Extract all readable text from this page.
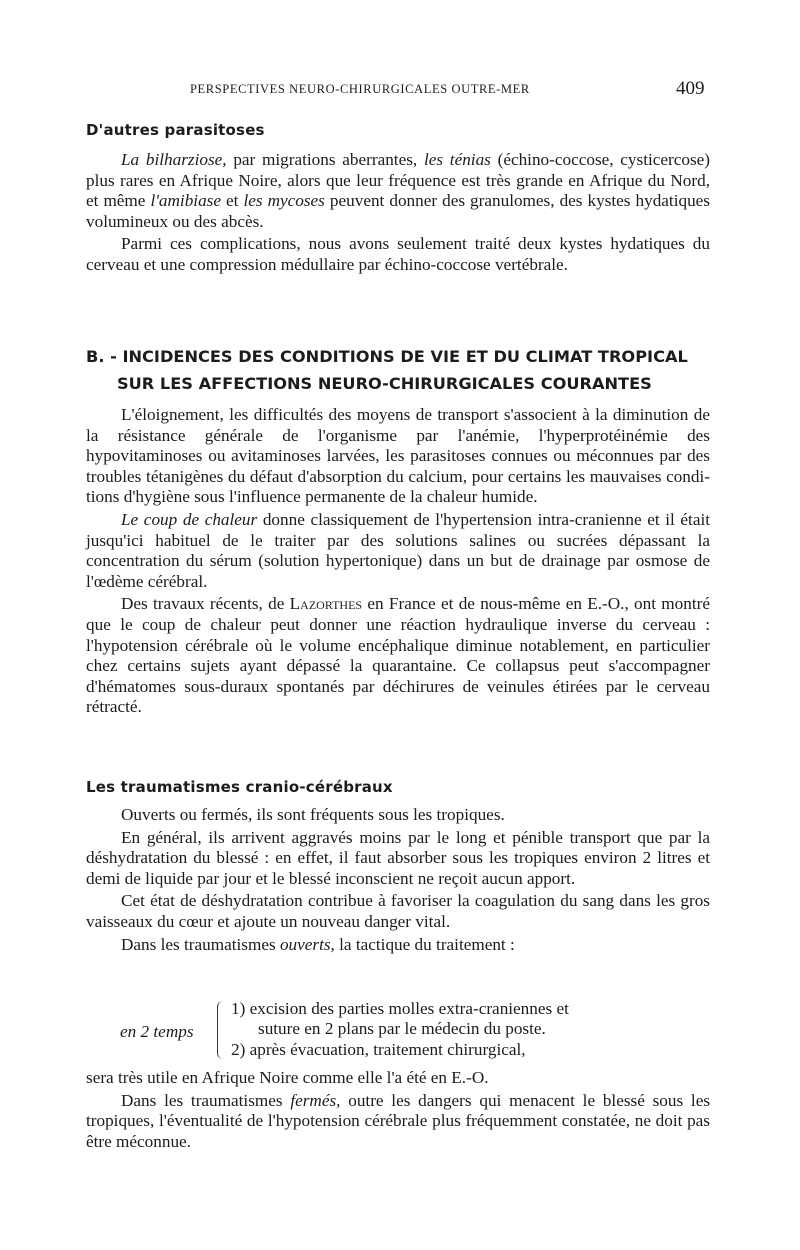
PERSPECTIVES NEURO-CHIRURGICALES OUTRE-MER	409
D'autres parasitoses

La bilharziose, par migrations aberrantes, les ténias (échino-coccose, cysticercose) plus rares en Afrique Noire, alors que leur fréquence est très grande en Afrique du Nord, et même l'amibiase et les mycoses peuvent donner des granulomes, des kystes hydatiques volumineux ou des abcès.

Parmi ces complications, nous avons seulement traité deux kystes hydatiques du cerveau et une compression médullaire par échino-coccose vertébrale.

B. - INCIDENCES DES CONDITIONS DE VIE ET DU CLIMAT TROPICAL
SUR LES AFFECTIONS NEURO-CHIRURGICALES COURANTES

L'éloignement, les difficultés des moyens de transport s'associent à la diminution de la résistance générale de l'organisme par l'anémie, l'hyperprotéinémie des hypovitaminoses ou avitaminoses larvées, les parasitoses connues ou méconnues par des troubles tétanigènes du défaut d'absorption du calcium, pour certains les mauvaises condi-tions d'hygiène sous l'influence permanente de la chaleur humide.

Le coup de chaleur donne classiquement de l'hypertension intra-cranienne et il était jusqu'ici habituel de le traiter par des solutions salines ou sucrées dépassant la concentration du sérum (solution hypertonique) dans un but de drainage par osmose de l'œdème cérébral.

Des travaux récents, de Lazorthes en France et de nous-même en E.-O., ont montré que le coup de chaleur peut donner une réaction hydraulique inverse du cerveau : l'hypotension cérébrale où le volume encéphalique diminue notablement, en particulier chez certains sujets ayant dépassé la quarantaine. Ce collapsus peut s'accompagner d'hématomes sous-duraux spontanés par déchirures de veinules étirées par le cerveau rétracté.

Les traumatismes cranio-cérébraux

Ouverts ou fermés, ils sont fréquents sous les tropiques.

En général, ils arrivent aggravés moins par le long et pénible transport que par la déshydratation du blessé : en effet, il faut absorber sous les tropiques environ 2 litres et demi de liquide par jour et le blessé inconscient ne reçoit aucun apport.

Cet état de déshydratation contribue à favoriser la coagulation du sang dans les gros vaisseaux du cœur et ajoute un nouveau danger vital.

Dans les traumatismes ouverts, la tactique du traitement :

en 2 temps
1) excision des parties molles extra-craniennes et
suture en 2 plans par le médecin du poste.
2) après évacuation, traitement chirurgical,

sera très utile en Afrique Noire comme elle l'a été en E.-O.

Dans les traumatismes fermés, outre les dangers qui menacent le blessé sous les tropiques, l'éventualité de l'hypotension cérébrale plus fréquemment constatée, ne doit pas être méconnue.
